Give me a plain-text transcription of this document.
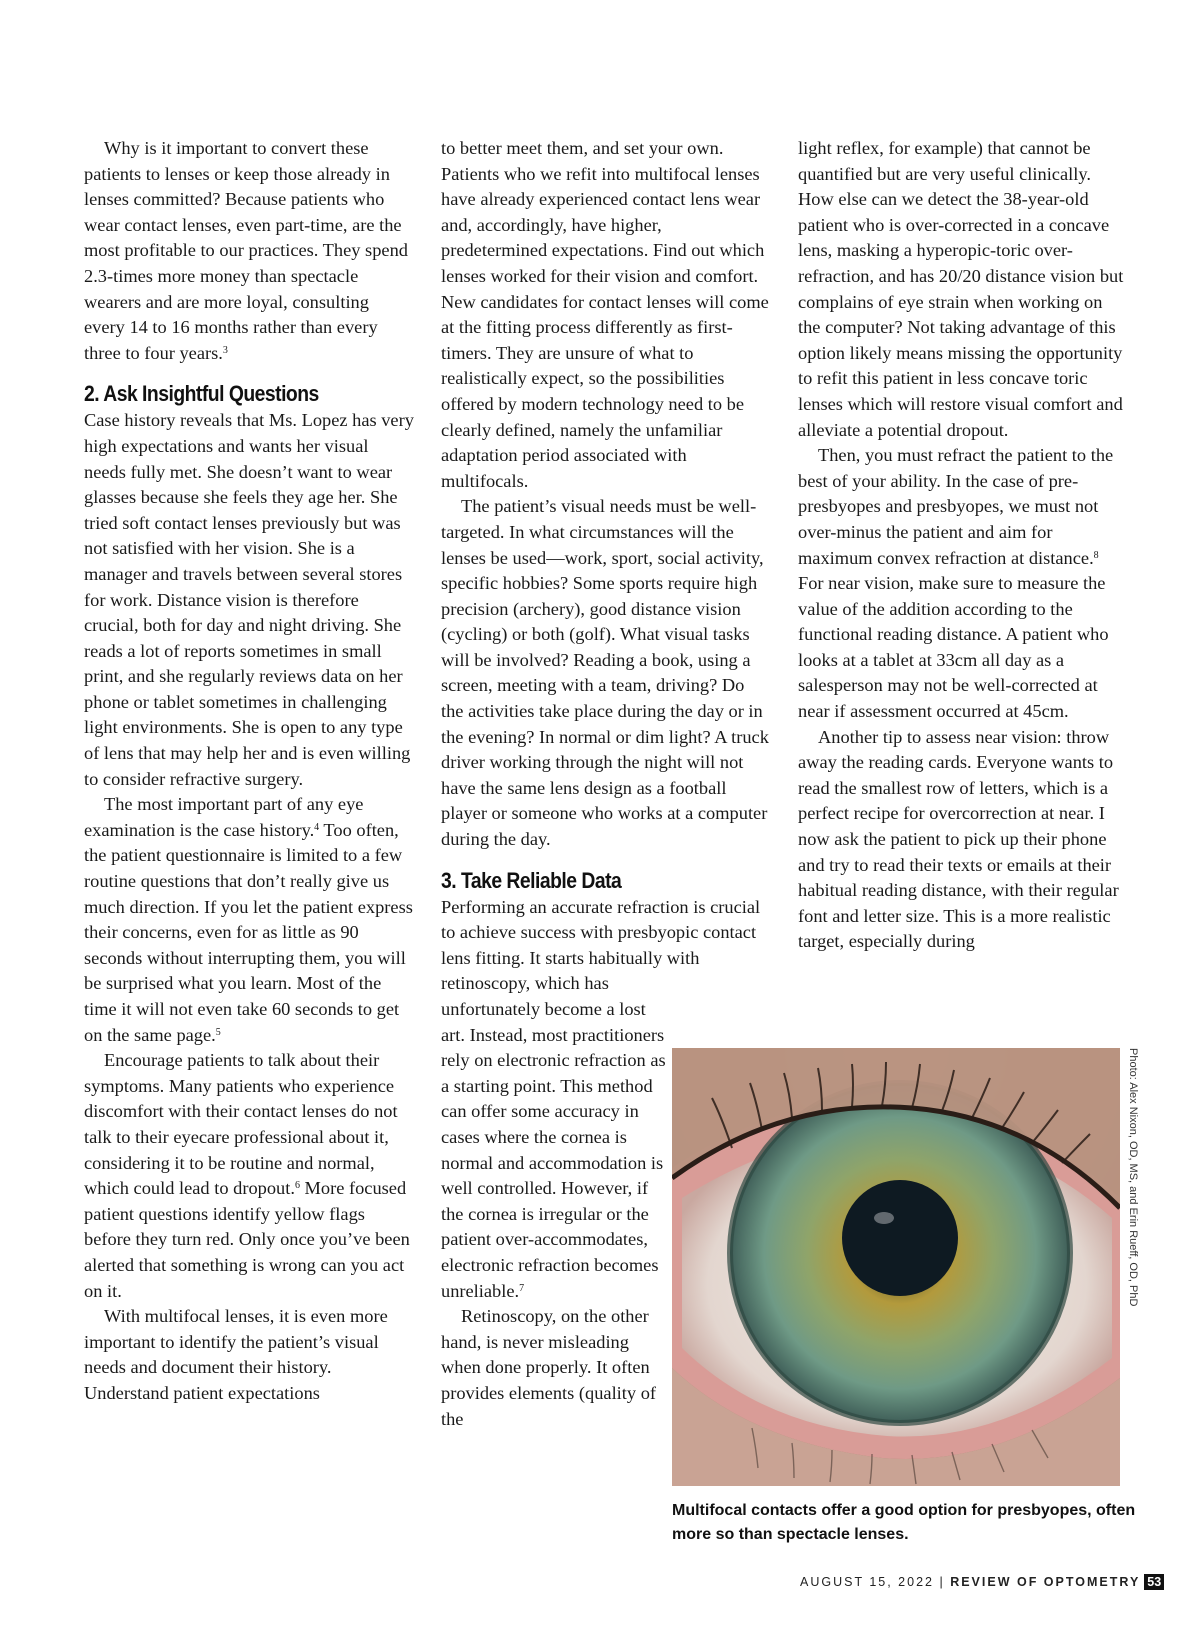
Why is it important to convert these patients to lenses or keep those already in lenses committed? Because patients who wear contact lenses, even part-time, are the most profitable to our practices. They spend 2.3-times more money than spectacle wearers and are more loyal, consulting every 14 to 16 months rather than every three to four years.$^3$

2. Ask Insightful Questions

Case history reveals that Ms. Lopez has very high expectations and wants her visual needs fully met. She doesn’t want to wear glasses because she feels they age her. She tried soft contact lenses previously but was not satisfied with her vision. She is a manager and travels between several stores for work. Distance vision is therefore crucial, both for day and night driving. She reads a lot of reports sometimes in small print, and she regularly reviews data on her phone or tablet sometimes in challenging light environments. She is open to any type of lens that may help her and is even willing to consider refractive surgery.

The most important part of any eye examination is the case history.$^4$ Too often, the patient questionnaire is limited to a few routine questions that don’t really give us much direction. If you let the patient express their concerns, even for as little as 90 seconds without interrupting them, you will be surprised what you learn. Most of the time it will not even take 60 seconds to get on the same page.$^5$

Encourage patients to talk about their symptoms. Many patients who experience discomfort with their contact lenses do not talk to their eyecare professional about it, considering it to be routine and normal, which could lead to dropout.$^6$ More focused patient questions identify yellow flags before they turn red. Only once you’ve been alerted that something is wrong can you act on it.

With multifocal lenses, it is even more important to identify the patient’s visual needs and document their history. Understand patient expectations

to better meet them, and set your own. Patients who we refit into multifocal lenses have already experienced contact lens wear and, accordingly, have higher, predetermined expectations. Find out which lenses worked for their vision and comfort. New candidates for contact lenses will come at the fitting process differently as first-timers. They are unsure of what to realistically expect, so the possibilities offered by modern technology need to be clearly defined, namely the unfamiliar adaptation period associated with multifocals.

The patient’s visual needs must be well-targeted. In what circumstances will the lenses be used—work, sport, social activity, specific hobbies? Some sports require high precision (archery), good distance vision (cycling) or both (golf). What visual tasks will be involved? Reading a book, using a screen, meeting with a team, driving? Do the activities take place during the day or in the evening? In normal or dim light? A truck driver working through the night will not have the same lens design as a football player or someone who works at a computer during the day.

3. Take Reliable Data

Performing an accurate refraction is crucial to achieve success with presbyopic contact lens fitting. It starts habitually with retinoscopy, which has

unfortunately become a lost art. Instead, most practitioners rely on electronic refraction as a starting point. This method can offer some accuracy in cases where the cornea is normal and accommodation is well controlled. However, if the cornea is irregular or the patient over-accommodates, electronic refraction becomes unreliable.$^7$

Retinoscopy, on the other hand, is never misleading when done properly. It often provides elements (quality of the

light reflex, for example) that cannot be quantified but are very useful clinically. How else can we detect the 38-year-old patient who is over-corrected in a concave lens, masking a hyperopic-toric over-refraction, and has 20/20 distance vision but complains of eye strain when working on the computer? Not taking advantage of this option likely means missing the opportunity to refit this patient in less concave toric lenses which will restore visual comfort and alleviate a potential dropout.

Then, you must refract the patient to the best of your ability. In the case of pre-presbyopes and presbyopes, we must not over-minus the patient and aim for maximum convex refraction at distance.$^8$ For near vision, make sure to measure the value of the addition according to the functional reading distance. A patient who looks at a tablet at 33cm all day as a salesperson may not be well-corrected at near if assessment occurred at 45cm.

Another tip to assess near vision: throw away the reading cards. Everyone wants to read the smallest row of letters, which is a perfect recipe for overcorrection at near. I now ask the patient to pick up their phone and try to read their texts or emails at their habitual reading distance, with their regular font and letter size. This is a more realistic target, especially during

Photo: Alex Nixon, OD, MS, and Erin Rueff, OD, PhD
Multifocal contacts offer a good option for presbyopes, often more so than spectacle lenses.
AUGUST 15, 2022 | REVIEW OF OPTOMETRY 53
